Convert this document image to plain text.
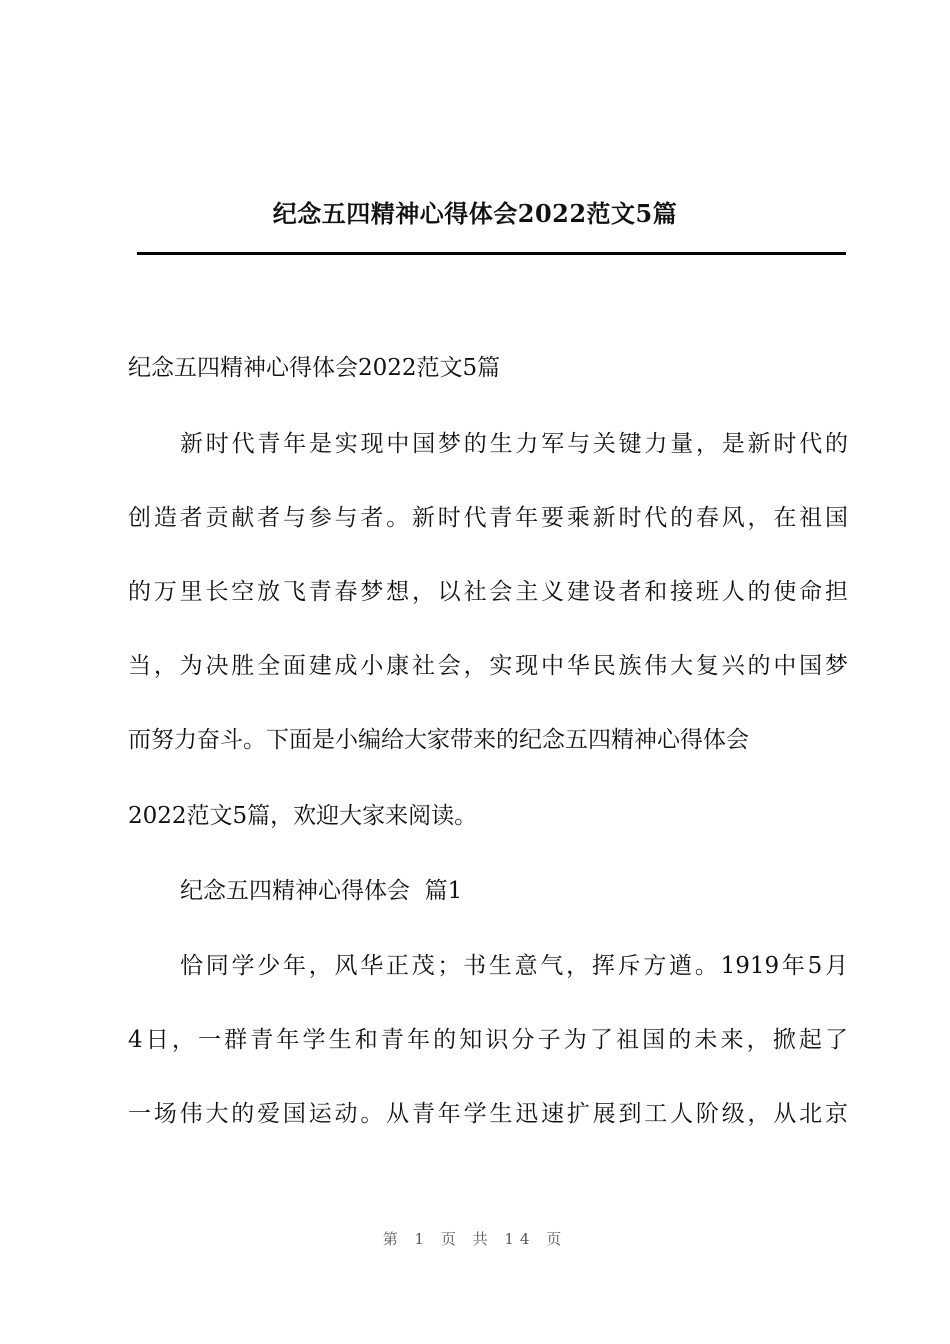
纪念五四精神心得体会2022范文5篇
纪念五四精神心得体会2022范文5篇
新时代青年是实现中国梦的生力军与关键力量，是新时代的
创造者贡献者与参与者。新时代青年要乘新时代的春风，在祖国
的万里长空放飞青春梦想，以社会主义建设者和接班人的使命担
当，为决胜全面建成小康社会，实现中华民族伟大复兴的中国梦
而努力奋斗。下面是小编给大家带来的纪念五四精神心得体会
2022范文5篇，欢迎大家来阅读。
纪念五四精神心得体会  篇1
恰同学少年，风华正茂；书生意气，挥斥方遒。1919年5月
4日，一群青年学生和青年的知识分子为了祖国的未来，掀起了
一场伟大的爱国运动。从青年学生迅速扩展到工人阶级，从北京
第 1 页 共 14 页
